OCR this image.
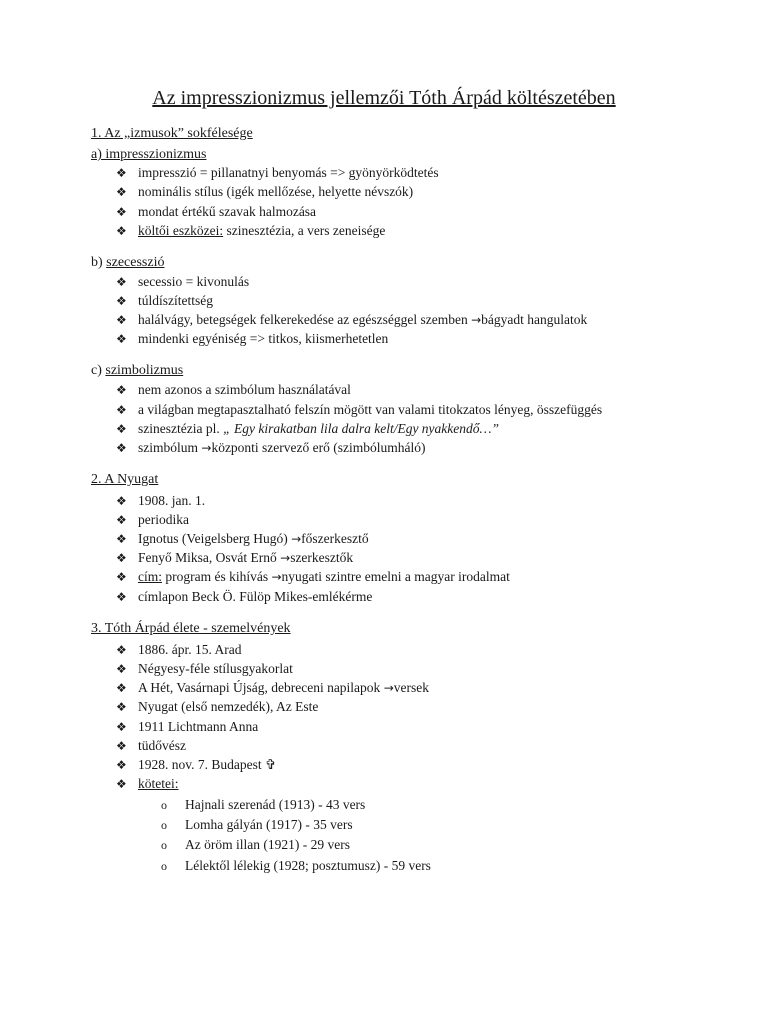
Az impresszionizmus jellemzői Tóth Árpád költészetében
1. Az „izmusok” sokfélesége
a) impresszionizmus
❖ impresszió = pillanatnyi benyomás => gyönyörködtetés
❖ nominális stílus (igék mellőzése, helyette névszók)
❖ mondat értékű szavak halmozása
❖ költői eszközei: szinesztézia, a vers zeneisége
b) szecesszió
❖ secessio = kivonulás
❖ túldíszítettség
❖ halálvágy, betegségek felkerekedése az egészséggel szemben →bágyadt hangulatok
❖ mindenki egyéniség => titkos, kiismerhetetlen
c) szimbolizmus
❖ nem azonos a szimbólum használatával
❖ a világban megtapasztalható felszín mögött van valami titokzatos lényeg, összefüggés
❖ szinesztézia pl. „ Egy kirakatban lila dalra kelt/Egy nyakkendő…”
❖ szimbólum →központi szervező erő (szimbólumháló)
2. A Nyugat
❖ 1908. jan. 1.
❖ periodika
❖ Ignotus (Veigelsberg Hugó) →főszerkesztő
❖ Fenyő Miksa, Osvát Ernő →szerkesztők
❖ cím: program és kihívás →nyugati szintre emelni a magyar irodalmat
❖ címlapon Beck Ö. Fülöp Mikes-emlékérme
3. Tóth Árpád élete - szemelvények
❖ 1886. ápr. 15. Arad
❖ Négyesy-féle stílusgyakorlat
❖ A Hét, Vasárnapi Újság, debreceni napilapok →versek
❖ Nyugat (első nemzedék), Az Este
❖ 1911 Lichtmann Anna
❖ tüdővész
❖ 1928. nov. 7. Budapest ✞
❖ kötetei:
o Hajnali szerenád (1913) - 43 vers
o Lomha gályán (1917) - 35 vers
o Az öröm illan (1921) - 29 vers
o Lélektől lélekig (1928; posztumusz) - 59 vers
